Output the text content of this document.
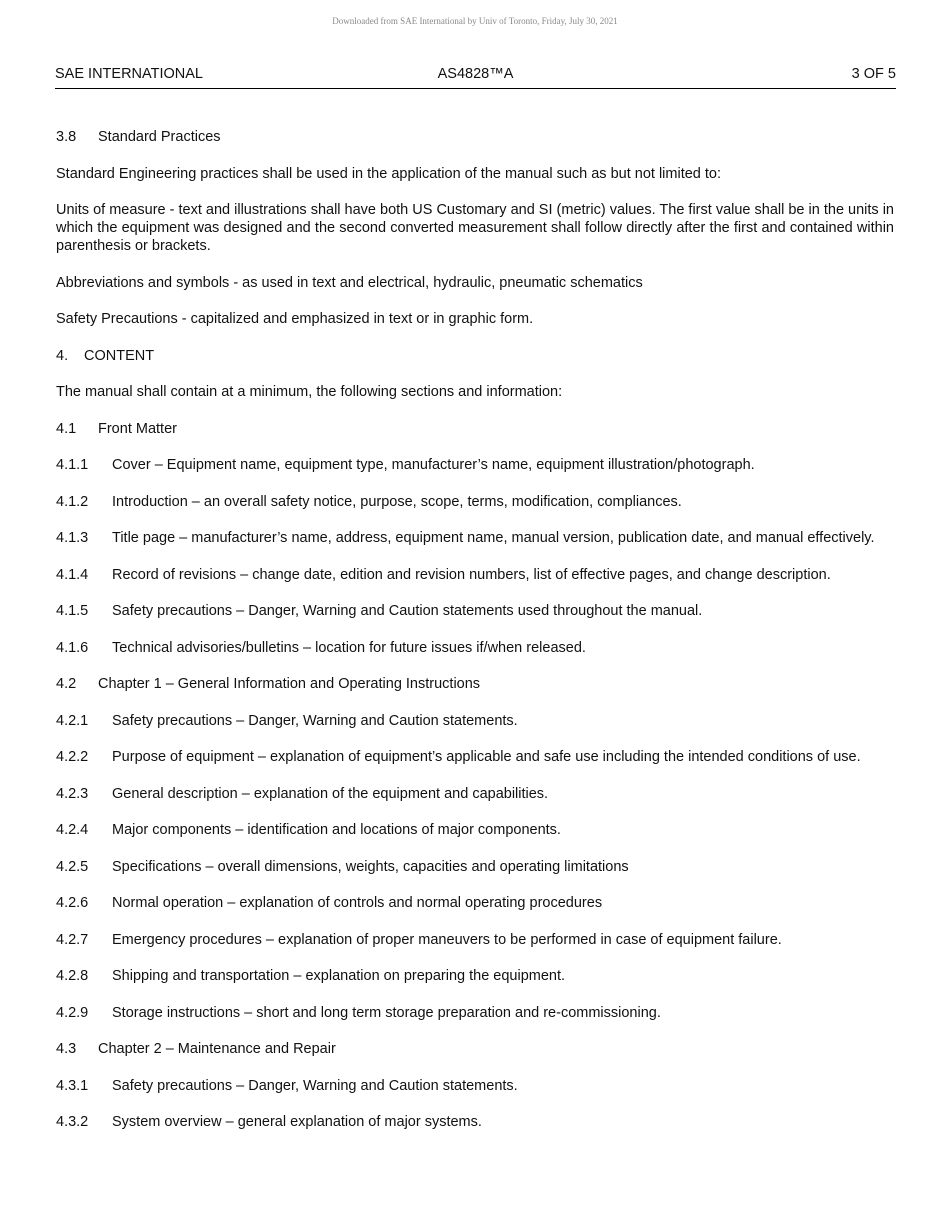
Downloaded from SAE International by Univ of Toronto, Friday, July 30, 2021
SAE INTERNATIONAL	AS4828™A	3 OF 5
3.8	Standard Practices

Standard Engineering practices shall be used in the application of the manual such as but not limited to:

Units of measure - text and illustrations shall have both US Customary and SI (metric) values. The first value shall be in the units in which the equipment was designed and the second converted measurement shall follow directly after the first and contained within parenthesis or brackets.

Abbreviations and symbols - as used in text and electrical, hydraulic, pneumatic schematics

Safety Precautions - capitalized and emphasized in text or in graphic form.

4.	CONTENT

The manual shall contain at a minimum, the following sections and information:

4.1	Front Matter
4.1.1	Cover – Equipment name, equipment type, manufacturer’s name, equipment illustration/photograph.
4.1.2	Introduction – an overall safety notice, purpose, scope, terms, modification, compliances.
4.1.3	Title page – manufacturer’s name, address, equipment name, manual version, publication date, and manual effectively.
4.1.4	Record of revisions – change date, edition and revision numbers, list of effective pages, and change description.
4.1.5	Safety precautions – Danger, Warning and Caution statements used throughout the manual.
4.1.6	Technical advisories/bulletins – location for future issues if/when released.
4.2	Chapter 1 – General Information and Operating Instructions
4.2.1	Safety precautions – Danger, Warning and Caution statements.
4.2.2	Purpose of equipment – explanation of equipment’s applicable and safe use including the intended conditions of use.
4.2.3	General description – explanation of the equipment and capabilities.
4.2.4	Major components – identification and locations of major components.
4.2.5	Specifications – overall dimensions, weights, capacities and operating limitations
4.2.6	Normal operation – explanation of controls and normal operating procedures
4.2.7	Emergency procedures – explanation of proper maneuvers to be performed in case of equipment failure.
4.2.8	Shipping and transportation – explanation on preparing the equipment.
4.2.9	Storage instructions – short and long term storage preparation and re-commissioning.
4.3	Chapter 2 – Maintenance and Repair
4.3.1	Safety precautions – Danger, Warning and Caution statements.
4.3.2	System overview – general explanation of major systems.
